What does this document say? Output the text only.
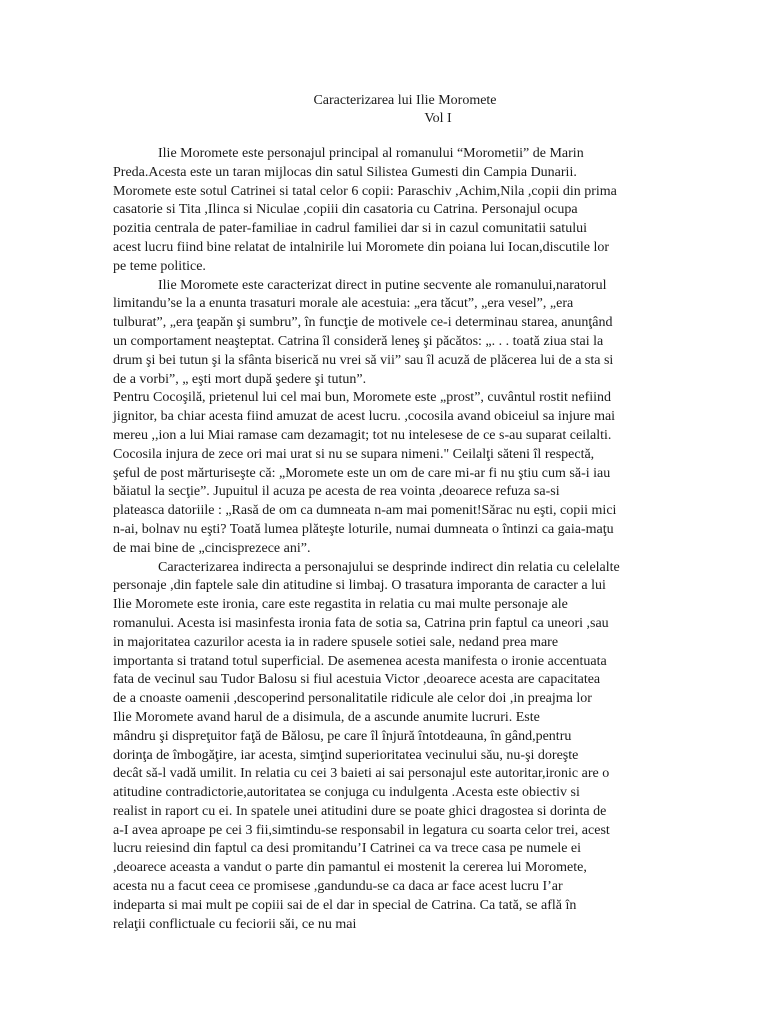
Caracterizarea lui Ilie Moromete
Vol I
Ilie Moromete este personajul principal al romanului “Morometii” de Marin
Preda.Acesta este un taran mijlocas din satul Silistea Gumesti din Campia Dunarii.
Moromete este sotul Catrinei si tatal celor 6 copii: Paraschiv ,Achim,Nila ,copii din prima
casatorie si Tita ,Ilinca si Niculae ,copiii din casatoria cu Catrina. Personajul ocupa
pozitia centrala de pater-familiae in cadrul familiei dar si in cazul comunitatii satului
acest lucru fiind bine relatat de intalnirile lui Moromete din poiana lui Iocan,discutile lor
pe teme politice.
Ilie Moromete este caracterizat direct in putine secvente ale romanului,naratorul
limitandu’se la a enunta trasaturi morale ale acestuia: „era tăcut”, „era vesel”, „era
tulburat”, „era ţeapăn şi sumbru”, în funcţie de motivele ce-i determinau starea, anunţând
un comportament neaşteptat. Catrina îl consideră leneş şi păcătos: „. . . toată ziua stai la
drum şi bei tutun şi la sfânta biserică nu vrei să vii” sau îl acuză de plăcerea lui de a sta si
de a vorbi”, „ eşti mort după şedere şi tutun”.
Pentru Cocoşilă, prietenul lui cel mai bun, Moromete este „prost”, cuvântul rostit nefiind
jignitor, ba chiar acesta fiind amuzat de acest lucru. ,cocosila avand obiceiul sa injure mai
mereu ,,ion a lui Miai ramase cam dezamagit; tot nu intelesese de ce s-au suparat ceilalti.
Cocosila injura de zece ori mai urat si nu se supara nimeni." Ceilalţi săteni îl respectă,
şeful de post mărturiseşte că: „Moromete este un om de care mi-ar fi nu ştiu cum să-i iau
băiatul la secţie”. Jupuitul il acuza pe acesta de rea vointa ,deoarece refuza sa-si
plateasca datoriile : „Rasă de om ca dumneata n-am mai pomenit!Sărac nu eşti, copii mici
n-ai, bolnav nu eşti? Toată lumea plăteşte loturile, numai dumneata o întinzi ca gaia-maţu
de mai bine de „cincisprezece ani”.
Caracterizarea indirecta a personajului se desprinde indirect din relatia cu celelalte
personaje ,din faptele sale din atitudine si limbaj. O trasatura imporanta de caracter a lui
Ilie Moromete este ironia, care este regastita in relatia cu mai multe personaje ale
romanului. Acesta isi masinfesta ironia fata de sotia sa, Catrina prin faptul ca uneori ,sau
in majoritatea cazurilor acesta ia in radere spusele sotiei sale, nedand prea mare
importanta si tratand totul superficial. De asemenea acesta manifesta o ironie accentuata
fata de vecinul sau Tudor Balosu si fiul acestuia Victor ,deoarece acesta are capacitatea
de a cnoaste oamenii ,descoperind personalitatile ridicule ale celor doi ,in preajma lor
Ilie Moromete avand harul de a disimula, de a ascunde anumite lucruri. Este
mândru şi dispreţuitor faţă de Bălosu, pe care îl înjură întotdeauna, în gând,pentru
dorinţa de îmbogăţire, iar acesta, simţind superioritatea vecinului său, nu-şi doreşte
decât să-l vadă umilit. In relatia cu cei 3 baieti ai sai personajul este autoritar,ironic are o
atitudine contradictorie,autoritatea se conjuga cu indulgenta .Acesta este obiectiv si
realist in raport cu ei. In spatele unei atitudini dure se poate ghici dragostea si dorinta de
a-I avea aproape pe cei 3 fii,simtindu-se responsabil in legatura cu soarta celor trei, acest
lucru reiesind din faptul ca desi promitandu’I Catrinei ca va trece casa pe numele ei
,deoarece aceasta a vandut o parte din pamantul ei mostenit la cererea lui Moromete,
acesta nu a facut ceea ce promisese ,gandundu-se ca daca ar face acest lucru I’ar
indeparta si mai mult pe copiii sai de el dar in special de Catrina. Ca tată, se află în
relaţii conflictuale cu feciorii săi, ce nu mai
